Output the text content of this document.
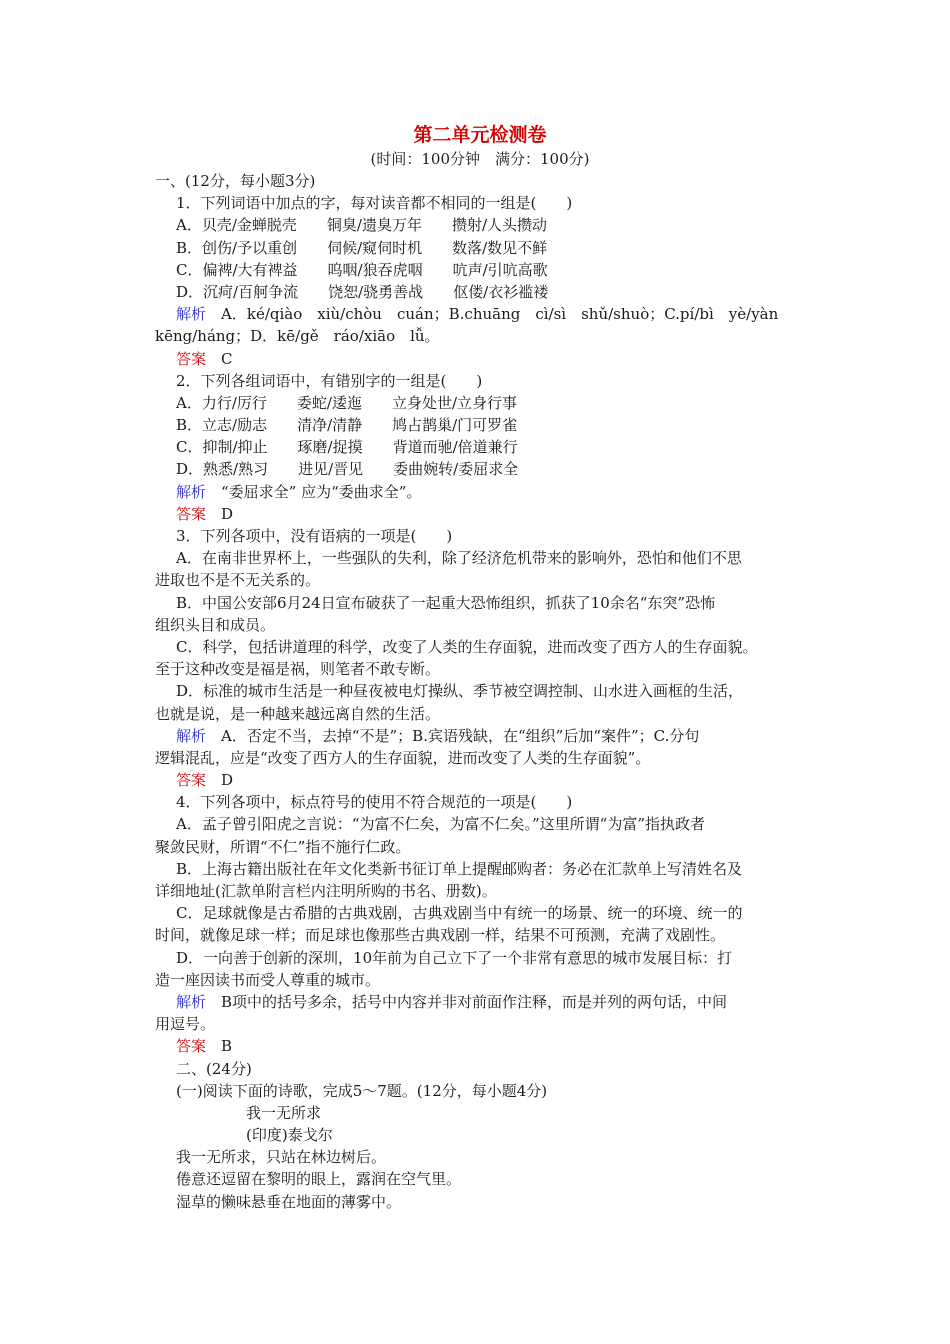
第二单元检测卷
(时间：100分钟　满分：100分)
一、(12分，每小题3分)
1．下列词语中加点的字，每对读音都不相同的一组是(　　)
A．贝壳/金蝉脱壳　　铜臭/遗臭万年　　攒射/人头攒动
B．创伤/予以重创　　伺候/窥伺时机　　数落/数见不鲜
C．偏裨/大有裨益　　呜咽/狼吞虎咽　　吭声/引吭高歌
D．沉疴/百舸争流　　饶恕/骁勇善战　　伛偻/衣衫褴褛
解析　A．ké/qiào　xiù/chòu　cuán；B.chuāng　cì/sì　shǔ/shuò；C.pí/bì　yè/yàn
kēng/háng；D．kē/gě　ráo/xiāo　lǚ。
答案　C
2．下列各组词语中，有错别字的一组是(　　)
A．力行/厉行　　委蛇/逶迤　　立身处世/立身行事
B．立志/励志　　清净/清静　　鸠占鹊巢/门可罗雀
C．抑制/抑止　　琢磨/捉摸　　背道而驰/倍道兼行
D．熟悉/熟习　　进见/晋见　　委曲婉转/委屈求全
解析　“委屈求全” 应为“委曲求全”。
答案　D
3．下列各项中，没有语病的一项是(　　)
A．在南非世界杯上，一些强队的失利，除了经济危机带来的影响外，恐怕和他们不思
进取也不是不无关系的。
B．中国公安部6月24日宣布破获了一起重大恐怖组织，抓获了10余名“东突”恐怖
组织头目和成员。
C．科学，包括讲道理的科学，改变了人类的生存面貌，进而改变了西方人的生存面貌。
至于这种改变是福是祸，则笔者不敢专断。
D．标准的城市生活是一种昼夜被电灯操纵、季节被空调控制、山水进入画框的生活，
也就是说，是一种越来越远离自然的生活。
解析　A．否定不当，去掉“不是”；B.宾语残缺，在“组织”后加“案件”；C.分句
逻辑混乱，应是“改变了西方人的生存面貌，进而改变了人类的生存面貌”。
答案　D
4．下列各项中，标点符号的使用不符合规范的一项是(　　)
A．孟子曾引阳虎之言说：“为富不仁矣，为富不仁矣。”这里所谓“为富”指执政者
聚敛民财，所谓“不仁”指不施行仁政。
B．上海古籍出版社在年文化类新书征订单上提醒邮购者：务必在汇款单上写清姓名及
详细地址(汇款单附言栏内注明所购的书名、册数)。
C．足球就像是古希腊的古典戏剧，古典戏剧当中有统一的场景、统一的环境、统一的
时间，就像足球一样；而足球也像那些古典戏剧一样，结果不可预测，充满了戏剧性。
D．一向善于创新的深圳，10年前为自己立下了一个非常有意思的城市发展目标：打
造一座因读书而受人尊重的城市。
解析　B项中的括号多余，括号中内容并非对前面作注释，而是并列的两句话，中间
用逗号。
答案　B
二、(24分)
(一)阅读下面的诗歌，完成5～7题。(12分，每小题4分)
我一无所求
(印度)泰戈尔
我一无所求，只站在林边树后。
倦意还逗留在黎明的眼上，露润在空气里。
湿草的懒味悬垂在地面的薄雾中。
